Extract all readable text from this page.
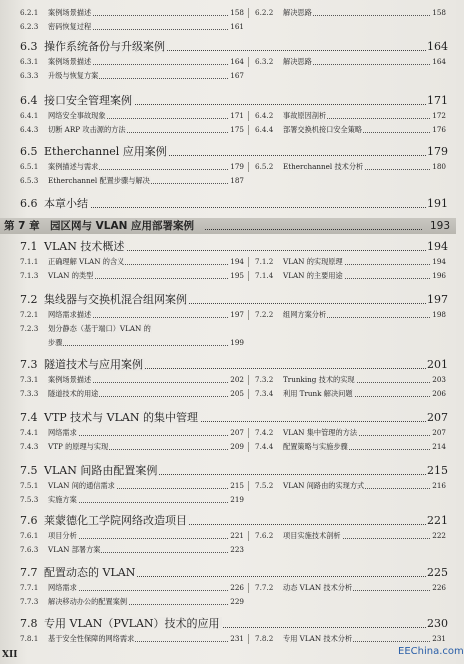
6.2.1	案例场景描述	158 6.2.2	解决思路	158
6.2.3	密码恢复过程	161
6.3 操作系统备份与升级案例	164
6.3.1	案例场景描述	164 6.3.2	解决思路	164
6.3.3	升级与恢复方案	167
6.4 接口安全管理案例	171
6.4.1	网络安全事故现象	171 6.4.2	事故原因剖析	172
6.4.3	切断 ARP 攻击源的方法	175 6.4.4	部署交换机接口安全策略	176
6.5 Etherchannel 应用案例	179
6.5.1	案例描述与需求	179 6.5.2	Etherchannel 技术分析	180
6.5.3	Etherchannel 配置步骤与解决	187
6.6 本章小结	191
7.1 VLAN 技术概述	194
7.1.1	正确理解 VLAN 的含义	194 7.1.2	VLAN 的实现原理	194
7.1.3	VLAN 的类型	195 7.1.4	VLAN 的主要用途	196
7.2 集线器与交换机混合组网案例	197
7.2.1	网络需求描述	197 7.2.2	组网方案分析	198
7.2.3	划分静态（基于端口）VLAN 的
步骤	199
7.3 隧道技术与应用案例	201
7.3.1	案例场景描述	202 7.3.2	Trunking 技术的实现	203
7.3.3	隧道技术的用途	205 7.3.4	利用 Trunk 解决问题	206
7.4 VTP 技术与 VLAN 的集中管理	207
7.4.1	网络需求	207 7.4.2	VLAN 集中管理的方法	207
7.4.3	VTP 的原理与实现	209 7.4.4	配置策略与实施步骤	214
7.5 VLAN 间路由配置案例	215
7.5.1	VLAN 间的通信需求	215 7.5.2	VLAN 间路由的实现方式	216
7.5.3	实施方案	219
7.6 莱蒙德化工学院网络改造项目	221
7.6.1	项目分析	221 7.6.2	项目实施技术剖析	222
7.6.3	VLAN 部署方案	223
7.7 配置动态的 VLAN	225
7.7.1	网络需求	226 7.7.2	动态 VLAN 技术分析	226
7.7.3	解决移动办公的配置案例	229
7.8 专用 VLAN（PVLAN）技术的应用	230
7.8.1	基于安全性保障的网络需求	231 7.8.2	专用 VLAN 技术分析	231
第 7 章 园区网与 VLAN 应用部署案例	193
XII	EEChina.com
